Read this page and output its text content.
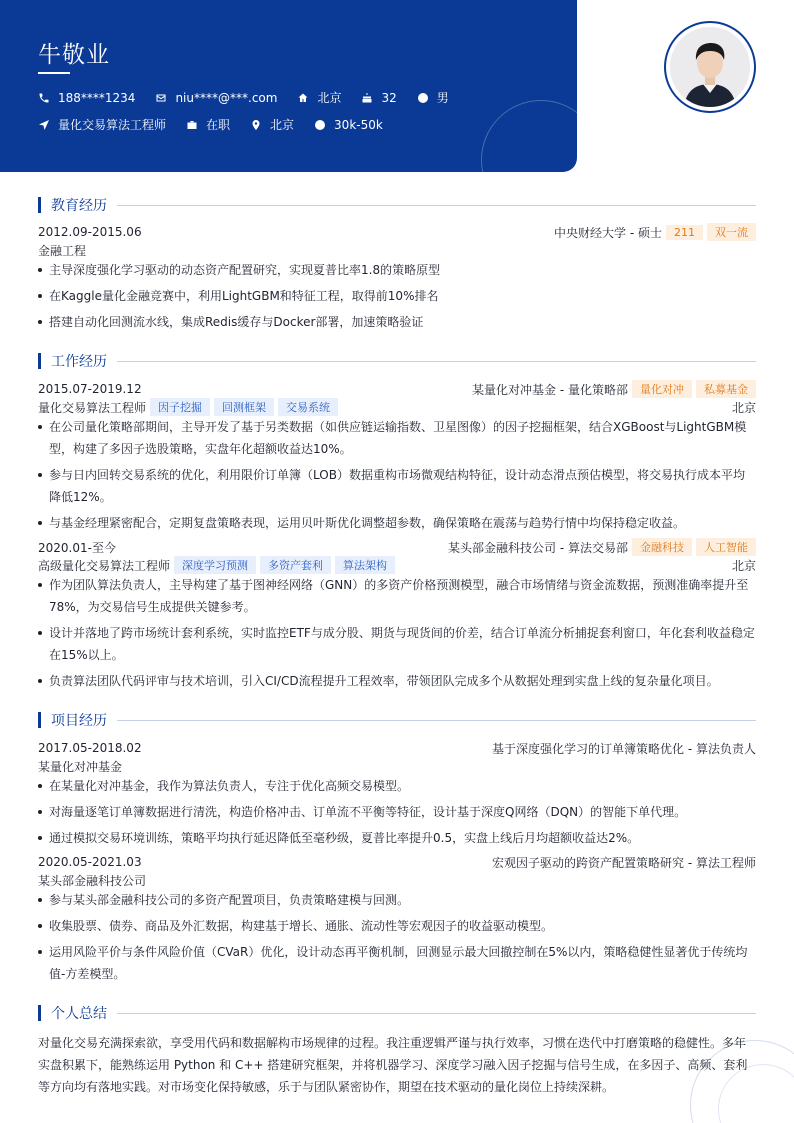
牛敬业
188****1234	niu****@***.com	北京	32	男
量化交易算法工程师	在职	北京	30k-50k
教育经历
2012.09-2015.06	中央财经大学 - 硕士	211	双一流
金融工程
主导深度强化学习驱动的动态资产配置研究，实现夏普比率1.8的策略原型
在Kaggle量化金融竞赛中，利用LightGBM和特征工程，取得前10%排名
搭建自动化回测流水线，集成Redis缓存与Docker部署，加速策略验证
工作经历
2015.07-2019.12	某量化对冲基金 - 量化策略部	量化对冲	私募基金
量化交易算法工程师	因子挖掘	回测框架	交易系统	北京
在公司量化策略部期间，主导开发了基于另类数据（如供应链运输指数、卫星图像）的因子挖掘框架，结合XGBoost与LightGBM模型，构建了多因子选股策略，实盘年化超额收益达10%。
参与日内回转交易系统的优化，利用限价订单簿（LOB）数据重构市场微观结构特征，设计动态滑点预估模型，将交易执行成本平均降低12%。
与基金经理紧密配合，定期复盘策略表现，运用贝叶斯优化调整超参数，确保策略在震荡与趋势行情中均保持稳定收益。
2020.01-至今	某头部金融科技公司 - 算法交易部	金融科技	人工智能
高级量化交易算法工程师	深度学习预测	多资产套利	算法架构	北京
作为团队算法负责人，主导构建了基于图神经网络（GNN）的多资产价格预测模型，融合市场情绪与资金流数据，预测准确率提升至78%，为交易信号生成提供关键参考。
设计并落地了跨市场统计套利系统，实时监控ETF与成分股、期货与现货间的价差，结合订单流分析捕捉套利窗口，年化套利收益稳定在15%以上。
负责算法团队代码评审与技术培训，引入CI/CD流程提升工程效率，带领团队完成多个从数据处理到实盘上线的复杂量化项目。
项目经历
2017.05-2018.02	基于深度强化学习的订单簿策略优化 - 算法负责人
某量化对冲基金
在某量化对冲基金，我作为算法负责人，专注于优化高频交易模型。
对海量逐笔订单簿数据进行清洗，构造价格冲击、订单流不平衡等特征，设计基于深度Q网络（DQN）的智能下单代理。
通过模拟交易环境训练，策略平均执行延迟降低至毫秒级，夏普比率提升0.5，实盘上线后月均超额收益达2%。
2020.05-2021.03	宏观因子驱动的跨资产配置策略研究 - 算法工程师
某头部金融科技公司
参与某头部金融科技公司的多资产配置项目，负责策略建模与回测。
收集股票、债券、商品及外汇数据，构建基于增长、通胀、流动性等宏观因子的收益驱动模型。
运用风险平价与条件风险价值（CVaR）优化，设计动态再平衡机制，回测显示最大回撤控制在5%以内，策略稳健性显著优于传统均值-方差模型。
个人总结
对量化交易充满探索欲，享受用代码和数据解构市场规律的过程。我注重逻辑严谨与执行效率，习惯在迭代中打磨策略的稳健性。多年实盘积累下，能熟练运用 Python 和 C++ 搭建研究框架，并将机器学习、深度学习融入因子挖掘与信号生成，在多因子、高频、套利等方向均有落地实践。对市场变化保持敏感，乐于与团队紧密协作，期望在技术驱动的量化岗位上持续深耕。
